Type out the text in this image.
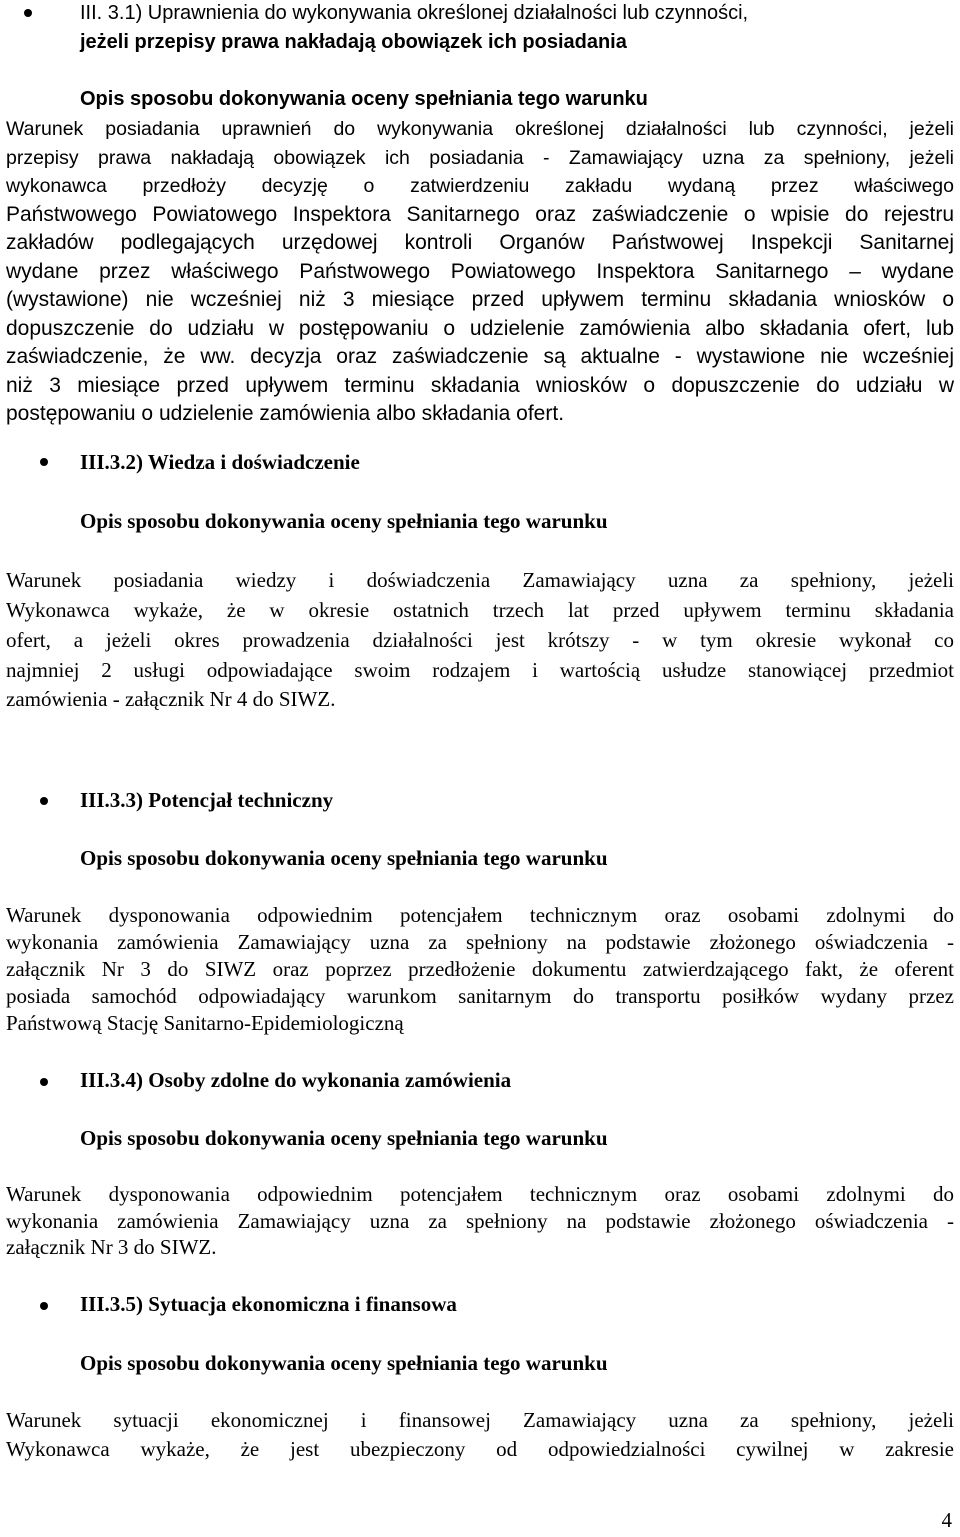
III. 3.1) Uprawnienia do wykonywania określonej działalności lub czynności,
jeżeli przepisy prawa nakładają obowiązek ich posiadania
Opis sposobu dokonywania oceny spełniania tego warunku
Warunek posiadania uprawnień do wykonywania określonej działalności lub czynności, jeżeli
przepisy prawa nakładają obowiązek ich posiadania - Zamawiający uzna za spełniony, jeżeli
wykonawca przedłoży decyzję o zatwierdzeniu zakładu wydaną przez właściwego
Państwowego Powiatowego Inspektora Sanitarnego oraz zaświadczenie o wpisie do rejestru
zakładów podlegających urzędowej kontroli Organów Państwowej Inspekcji Sanitarnej
wydane przez właściwego Państwowego Powiatowego Inspektora Sanitarnego – wydane
(wystawione) nie wcześniej niż 3 miesiące przed upływem terminu składania wniosków o
dopuszczenie do udziału w postępowaniu o udzielenie zamówienia albo składania ofert, lub
zaświadczenie, że ww. decyzja oraz zaświadczenie są aktualne - wystawione nie wcześniej
niż 3 miesiące przed upływem terminu składania wniosków o dopuszczenie do udziału w
postępowaniu o udzielenie zamówienia albo składania ofert.
III.3.2) Wiedza i doświadczenie
Opis sposobu dokonywania oceny spełniania tego warunku
Warunek posiadania wiedzy i doświadczenia Zamawiający uzna za spełniony, jeżeli
Wykonawca wykaże, że w okresie ostatnich trzech lat przed upływem terminu składania
ofert, a jeżeli okres prowadzenia działalności jest krótszy - w tym okresie wykonał co
najmniej 2 usługi odpowiadające swoim rodzajem i wartością usłudze stanowiącej przedmiot
zamówienia - załącznik Nr 4 do SIWZ.
III.3.3) Potencjał techniczny
Opis sposobu dokonywania oceny spełniania tego warunku
Warunek dysponowania odpowiednim potencjałem technicznym oraz osobami zdolnymi do
wykonania zamówienia Zamawiający uzna za spełniony na podstawie złożonego oświadczenia -
załącznik Nr 3 do SIWZ oraz poprzez przedłożenie dokumentu zatwierdzającego fakt, że oferent
posiada samochód odpowiadający warunkom sanitarnym do transportu posiłków wydany przez
Państwową Stację Sanitarno-Epidemiologiczną
III.3.4) Osoby zdolne do wykonania zamówienia
Opis sposobu dokonywania oceny spełniania tego warunku
Warunek dysponowania odpowiednim potencjałem technicznym oraz osobami zdolnymi do
wykonania zamówienia Zamawiający uzna za spełniony na podstawie złożonego oświadczenia -
załącznik Nr 3 do SIWZ.
III.3.5) Sytuacja ekonomiczna i finansowa
Opis sposobu dokonywania oceny spełniania tego warunku
Warunek sytuacji ekonomicznej i finansowej Zamawiający uzna za spełniony, jeżeli
Wykonawca wykaże, że jest ubezpieczony od odpowiedzialności cywilnej w zakresie
4
